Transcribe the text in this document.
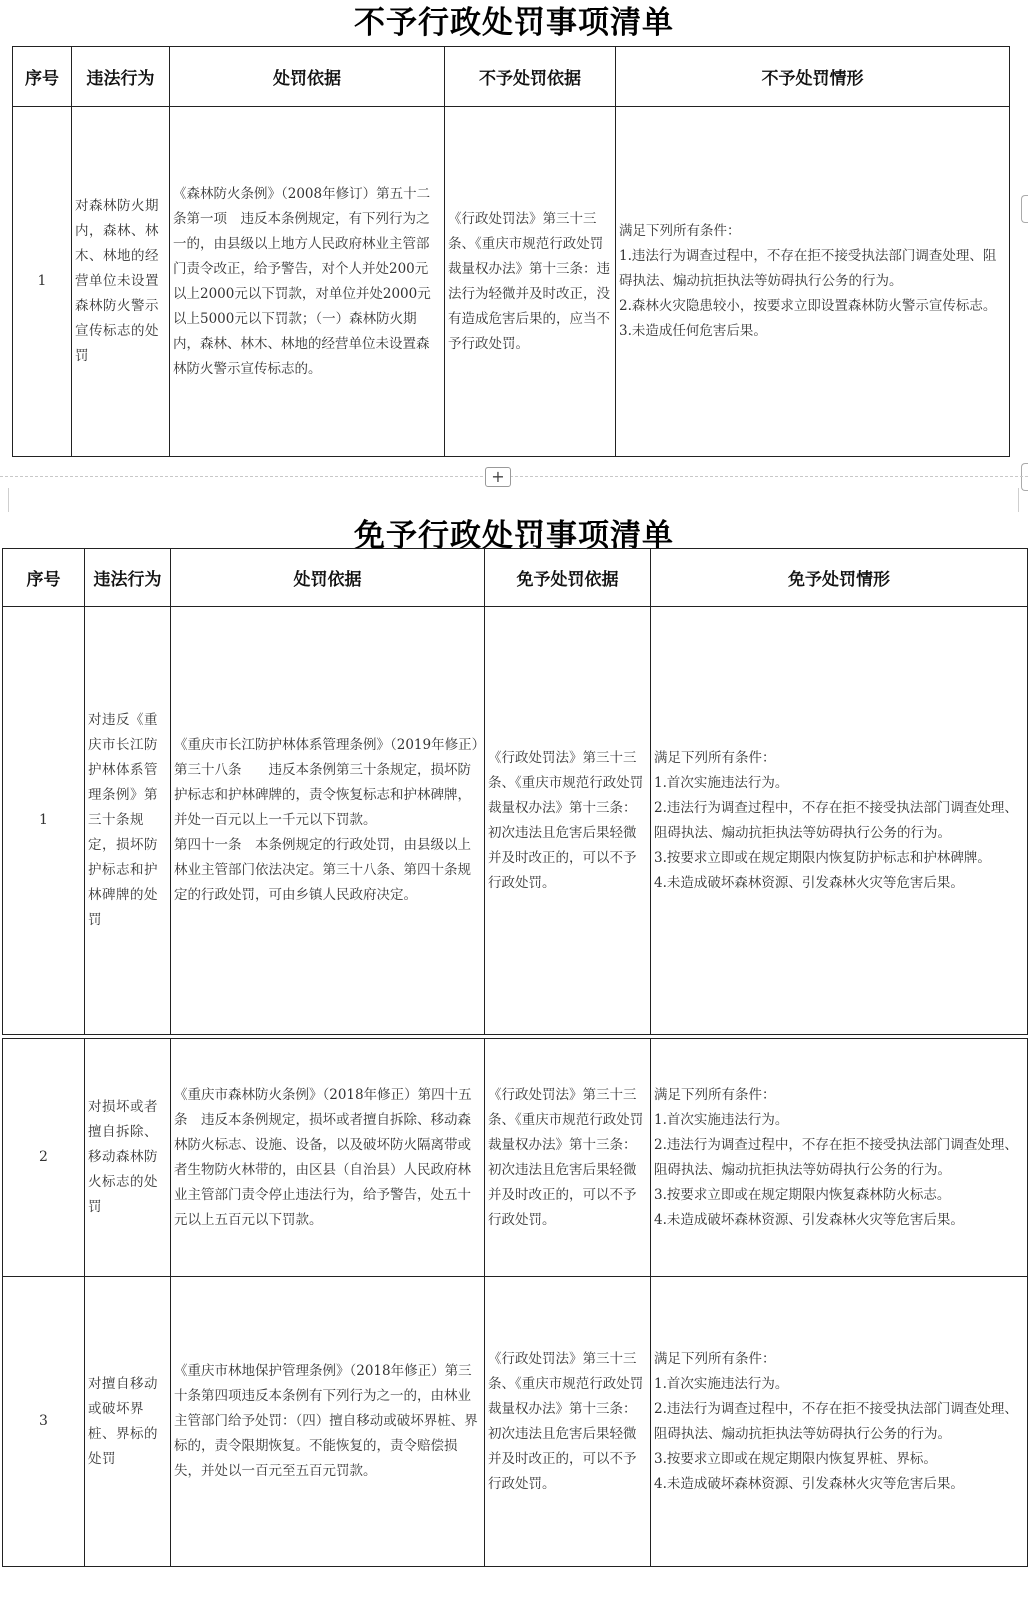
不予行政处罚事项清单
序号	违法行为	处罚依据	不予处罚依据	不予处罚情形
1	对森林防火期内，森林、林木、林地的经营单位未设置森林防火警示宣传标志的处罚	《森林防火条例》（2008年修订）第五十二条第一项　违反本条例规定，有下列行为之一的，由县级以上地方人民政府林业主管部门责令改正，给予警告，对个人并处200元以上2000元以下罚款，对单位并处2000元以上5000元以下罚款；（一）森林防火期内，森林、林木、林地的经营单位未设置森林防火警示宣传标志的。	《行政处罚法》第三十三条、《重庆市规范行政处罚裁量权办法》第十三条：违法行为轻微并及时改正，没有造成危害后果的，应当不予行政处罚。	满足下列所有条件：
1.违法行为调查过程中，不存在拒不接受执法部门调查处理、阻碍执法、煽动抗拒执法等妨碍执行公务的行为。
2.森林火灾隐患较小，按要求立即设置森林防火警示宣传标志。
3.未造成任何危害后果。
+
免予行政处罚事项清单
序号	违法行为	处罚依据	免予处罚依据	免予处罚情形
1	对违反《重庆市长江防护林体系管理条例》第三十条规定，损坏防护标志和护林碑牌的处罚	《重庆市长江防护林体系管理条例》（2019年修正）第三十八条　　违反本条例第三十条规定，损坏防护标志和护林碑牌的，责令恢复标志和护林碑牌，并处一百元以上一千元以下罚款。
第四十一条　本条例规定的行政处罚，由县级以上林业主管部门依法决定。第三十八条、第四十条规定的行政处罚，可由乡镇人民政府决定。	《行政处罚法》第三十三条、《重庆市规范行政处罚裁量权办法》第十三条：初次违法且危害后果轻微并及时改正的，可以不予行政处罚。	满足下列所有条件：
1.首次实施违法行为。
2.违法行为调查过程中，不存在拒不接受执法部门调查处理、阻碍执法、煽动抗拒执法等妨碍执行公务的行为。
3.按要求立即或在规定期限内恢复防护标志和护林碑牌。
4.未造成破坏森林资源、引发森林火灾等危害后果。
2	对损坏或者擅自拆除、移动森林防火标志的处罚	《重庆市森林防火条例》（2018年修正）第四十五条　违反本条例规定，损坏或者擅自拆除、移动森林防火标志、设施、设备，以及破坏防火隔离带或者生物防火林带的，由区县（自治县）人民政府林业主管部门责令停止违法行为，给予警告，处五十元以上五百元以下罚款。	《行政处罚法》第三十三条、《重庆市规范行政处罚裁量权办法》第十三条：初次违法且危害后果轻微并及时改正的，可以不予行政处罚。	满足下列所有条件：
1.首次实施违法行为。
2.违法行为调查过程中，不存在拒不接受执法部门调查处理、阻碍执法、煽动抗拒执法等妨碍执行公务的行为。
3.按要求立即或在规定期限内恢复森林防火标志。
4.未造成破坏森林资源、引发森林火灾等危害后果。
3	对擅自移动或破坏界桩、界标的处罚	《重庆市林地保护管理条例》（2018年修正）第三十条第四项违反本条例有下列行为之一的，由林业主管部门给予处罚：（四）擅自移动或破坏界桩、界标的，责令限期恢复。不能恢复的，责令赔偿损失，并处以一百元至五百元罚款。	《行政处罚法》第三十三条、《重庆市规范行政处罚裁量权办法》第十三条：初次违法且危害后果轻微并及时改正的，可以不予行政处罚。	满足下列所有条件：
1.首次实施违法行为。
2.违法行为调查过程中，不存在拒不接受执法部门调查处理、阻碍执法、煽动抗拒执法等妨碍执行公务的行为。
3.按要求立即或在规定期限内恢复界桩、界标。
4.未造成破坏森林资源、引发森林火灾等危害后果。
